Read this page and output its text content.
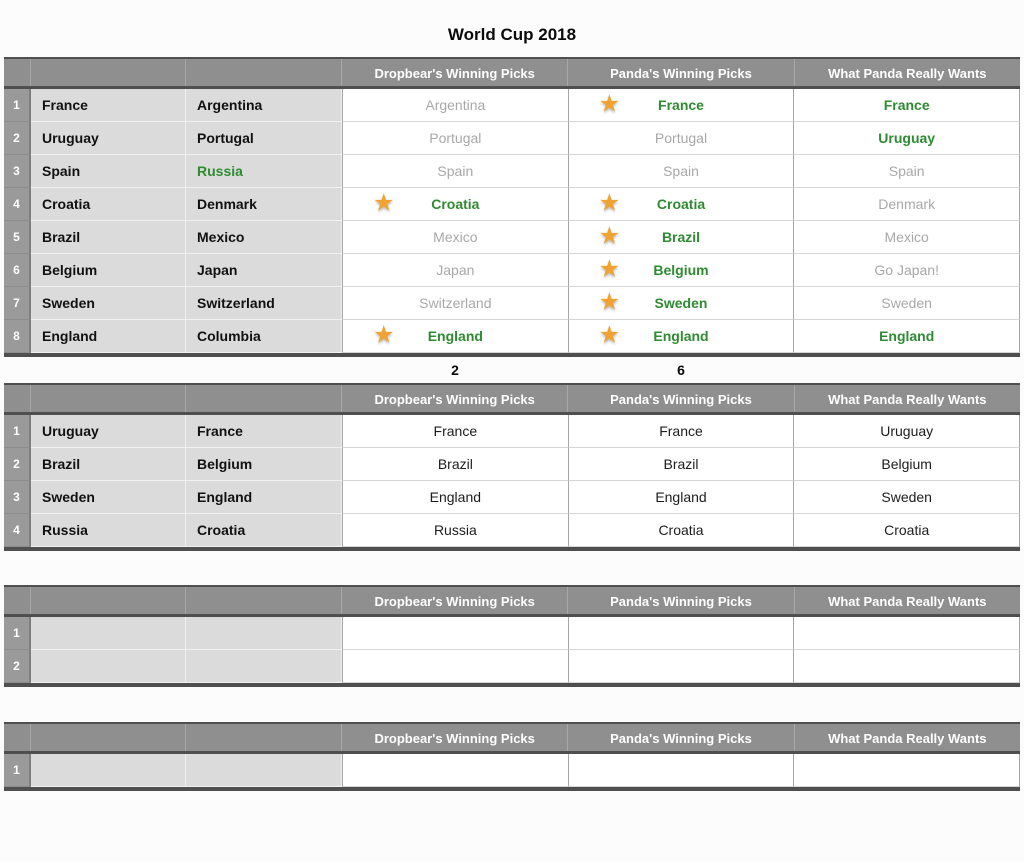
World Cup 2018
Dropbear's Winning Picks	Panda's Winning Picks	What Panda Really Wants
1	France	Argentina	Argentina	★	France	France
2	Uruguay	Portugal	Portugal	Portugal	Uruguay
3	Spain	Russia	Spain	Spain	Spain
4	Croatia	Denmark	★	Croatia	★	Croatia	Denmark
5	Brazil	Mexico	Mexico	★	Brazil	Mexico
6	Belgium	Japan	Japan	★ Belgium	Go Japan!
7	Sweden	Switzerland	Switzerland	★ Sweden	Sweden
8	England	Columbia	★ England	★ England	England
2	6
Dropbear's Winning Picks	Panda's Winning Picks	What Panda Really Wants
1	Uruguay	France	France	France	Uruguay
2	Brazil	Belgium	Brazil	Brazil	Belgium
3	Sweden	England	England	England	Sweden
4	Russia	Croatia	Russia	Croatia	Croatia
Dropbear's Winning Picks	Panda's Winning Picks	What Panda Really Wants
1
2
Dropbear's Winning Picks	Panda's Winning Picks	What Panda Really Wants
1
